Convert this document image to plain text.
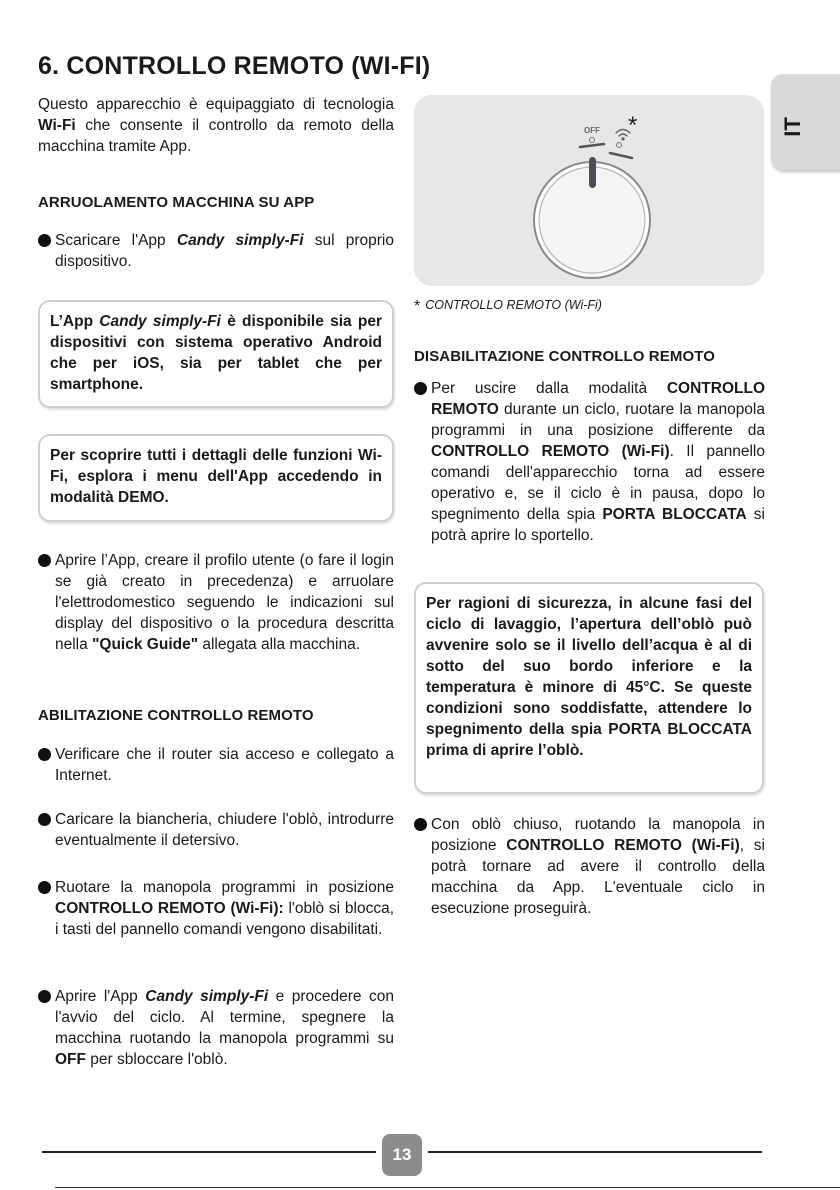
6. CONTROLLO REMOTO (WI-FI)
IT
Questo apparecchio è equipaggiato di tecnologia Wi-Fi che consente il controllo da remoto della macchina tramite App.
ARRUOLAMENTO MACCHINA SU APP
Scaricare l'App Candy simply-Fi sul proprio dispositivo.
L’App Candy simply-Fi è disponibile sia per dispositivi con sistema operativo Android che per iOS, sia per tablet che per smartphone.
Per scoprire tutti i dettagli delle funzioni Wi-Fi, esplora i menu dell'App accedendo in modalità DEMO.
Aprire l’App, creare il profilo utente (o fare il login se già creato in precedenza) e arruolare l'elettrodomestico seguendo le indicazioni sul display del dispositivo o la procedura descritta nella "Quick Guide" allegata alla macchina.
ABILITAZIONE CONTROLLO REMOTO
Verificare che il router sia acceso e collegato a Internet.
Caricare la biancheria, chiudere l'oblò, introdurre eventualmente il detersivo.
Ruotare la manopola programmi in posizione CONTROLLO REMOTO (Wi-Fi): l'oblò si blocca, i tasti del pannello comandi vengono disabilitati.
Aprire l'App Candy simply-Fi e procedere con l'avvio del ciclo. Al termine, spegnere la macchina ruotando la manopola programmi su OFF per sbloccare l'oblò.
OFF *
* CONTROLLO REMOTO (Wi-Fi)
DISABILITAZIONE CONTROLLO REMOTO
Per uscire dalla modalità CONTROLLO REMOTO durante un ciclo, ruotare la manopola programmi in una posizione differente da CONTROLLO REMOTO (Wi-Fi). Il pannello comandi dell'apparecchio torna ad essere operativo e, se il ciclo è in pausa, dopo lo spegnimento della spia PORTA BLOCCATA si potrà aprire lo sportello.
Per ragioni di sicurezza, in alcune fasi del ciclo di lavaggio, l’apertura dell’oblò può avvenire solo se il livello dell’acqua è al di sotto del suo bordo inferiore e la temperatura è minore di 45°C. Se queste condizioni sono soddisfatte, attendere lo spegnimento della spia PORTA BLOCCATA prima di aprire l’oblò.
Con oblò chiuso, ruotando la manopola in posizione CONTROLLO REMOTO (Wi-Fi), si potrà tornare ad avere il controllo della macchina da App. L'eventuale ciclo in esecuzione proseguirà.
13
